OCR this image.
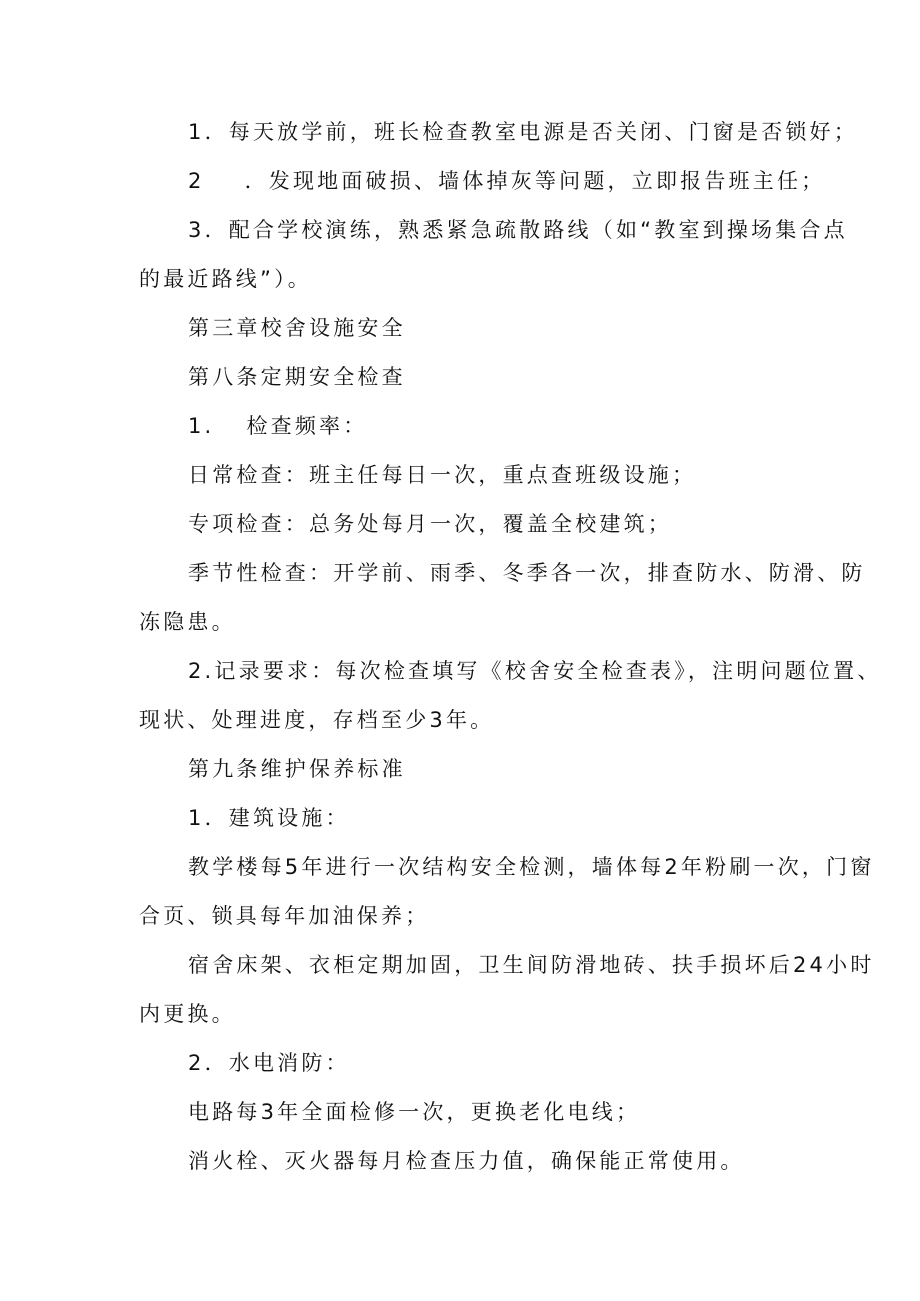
1．每天放学前，班长检查教室电源是否关闭、门窗是否锁好；
2 ．发现地面破损、墙体掉灰等问题，立即报告班主任；
3．配合学校演练，熟悉紧急疏散路线（如“教室到操场集合点
的最近路线”）。
第三章校舍设施安全
第八条定期安全检查
1. 检查频率：
日常检查：班主任每日一次，重点查班级设施；
专项检查：总务处每月一次，覆盖全校建筑；
季节性检查：开学前、雨季、冬季各一次，排查防水、防滑、防
冻隐患。
2.记录要求：每次检查填写《校舍安全检查表》，注明问题位置、
现状、处理进度，存档至少3年。
第九条维护保养标准
1．建筑设施：
教学楼每5年进行一次结构安全检测，墙体每2年粉刷一次，门窗
合页、锁具每年加油保养；
宿舍床架、衣柜定期加固，卫生间防滑地砖、扶手损坏后24小时
内更换。
2．水电消防：
电路每3年全面检修一次，更换老化电线；
消火栓、灭火器每月检查压力值，确保能正常使用。
